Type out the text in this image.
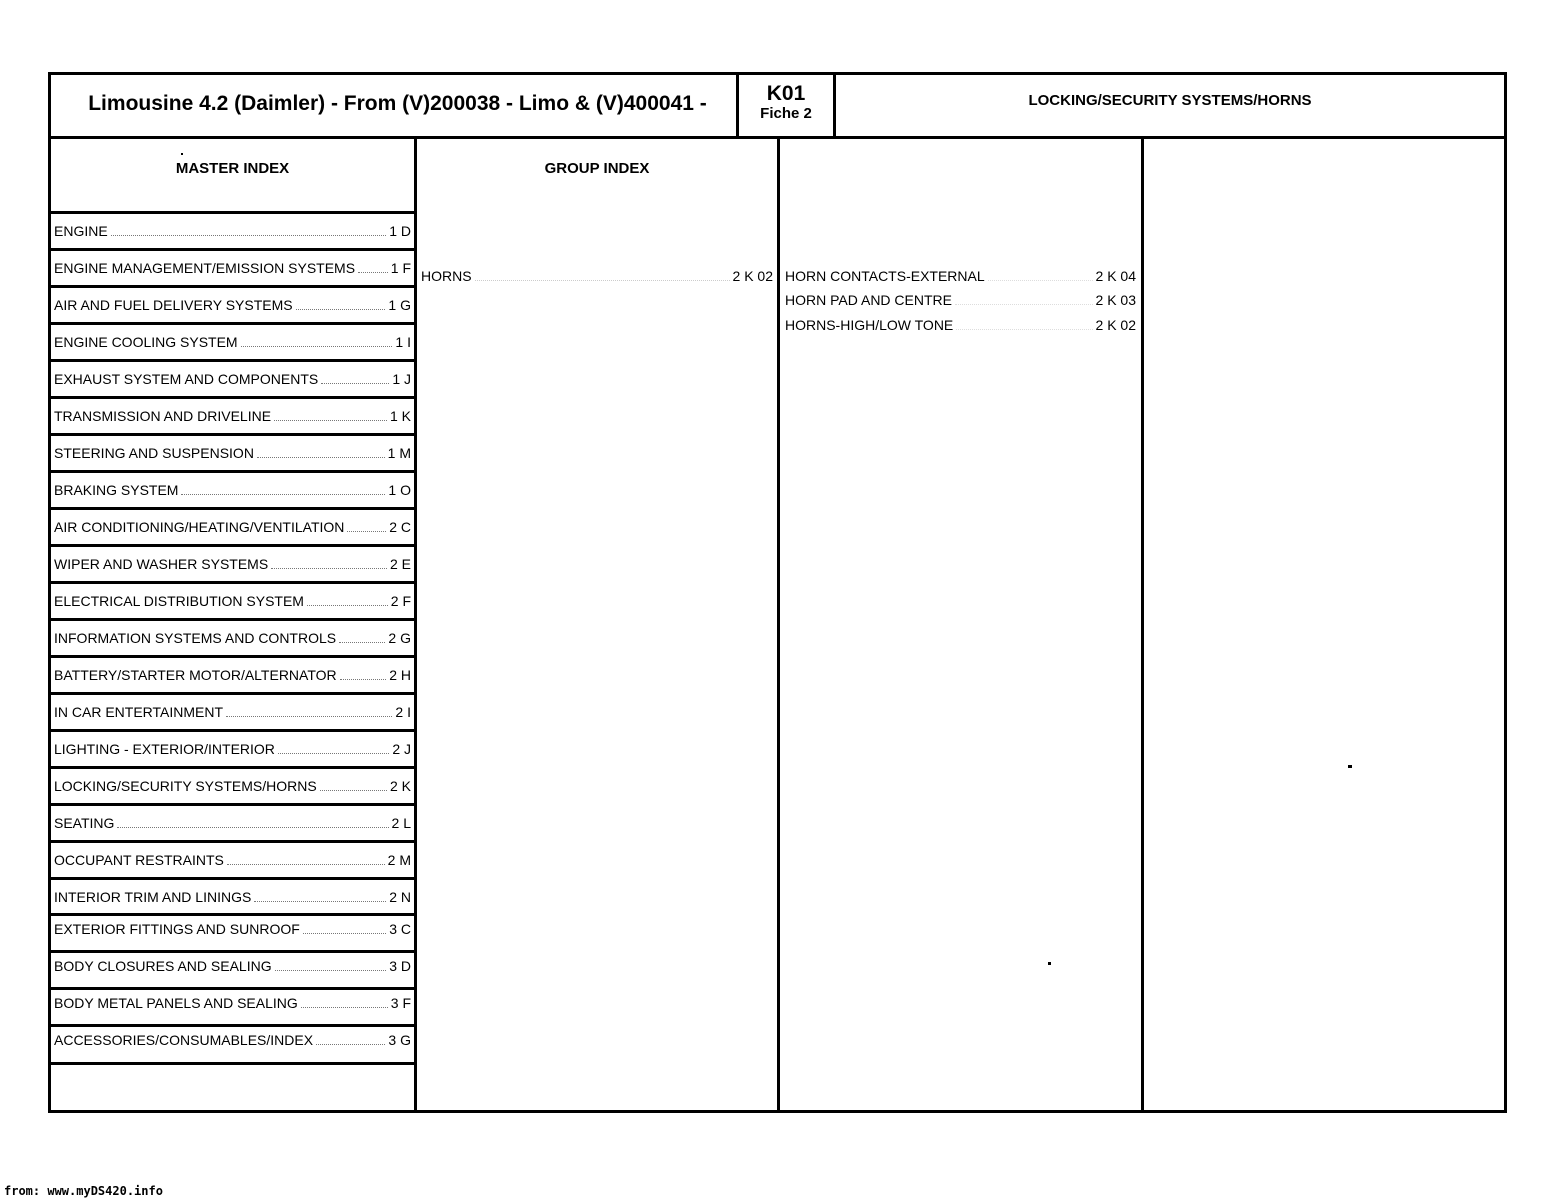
Limousine 4.2 (Daimler) - From (V)200038 - Limo & (V)400041 -	K01
Fiche 2
LOCKING/SECURITY SYSTEMS/HORNS
MASTER INDEX	GROUP INDEX
ENGINE	1 D
ENGINE MANAGEMENT/EMISSION SYSTEMS	1 F
AIR AND FUEL DELIVERY SYSTEMS	1 G
ENGINE COOLING SYSTEM	1 I
EXHAUST SYSTEM AND COMPONENTS	1 J
TRANSMISSION AND DRIVELINE	1 K
STEERING AND SUSPENSION	1 M
BRAKING SYSTEM	1 O
AIR CONDITIONING/HEATING/VENTILATION	2 C
WIPER AND WASHER SYSTEMS	2 E
ELECTRICAL DISTRIBUTION SYSTEM	2 F
INFORMATION SYSTEMS AND CONTROLS	2 G
BATTERY/STARTER MOTOR/ALTERNATOR	2 H
IN CAR ENTERTAINMENT	2 I
LIGHTING - EXTERIOR/INTERIOR	2 J
LOCKING/SECURITY SYSTEMS/HORNS	2 K
SEATING	2 L
OCCUPANT RESTRAINTS	2 M
INTERIOR TRIM AND LININGS	2 N
EXTERIOR FITTINGS AND SUNROOF	3 C
BODY CLOSURES AND SEALING	3 D
BODY METAL PANELS AND SEALING	3 F
ACCESSORIES/CONSUMABLES/INDEX	3 G
HORNS	2 K 02 HORN CONTACTS-EXTERNAL	2 K 04
HORN PAD AND CENTRE	2 K 03
HORNS-HIGH/LOW TONE	2 K 02
from: www.myDS420.info
